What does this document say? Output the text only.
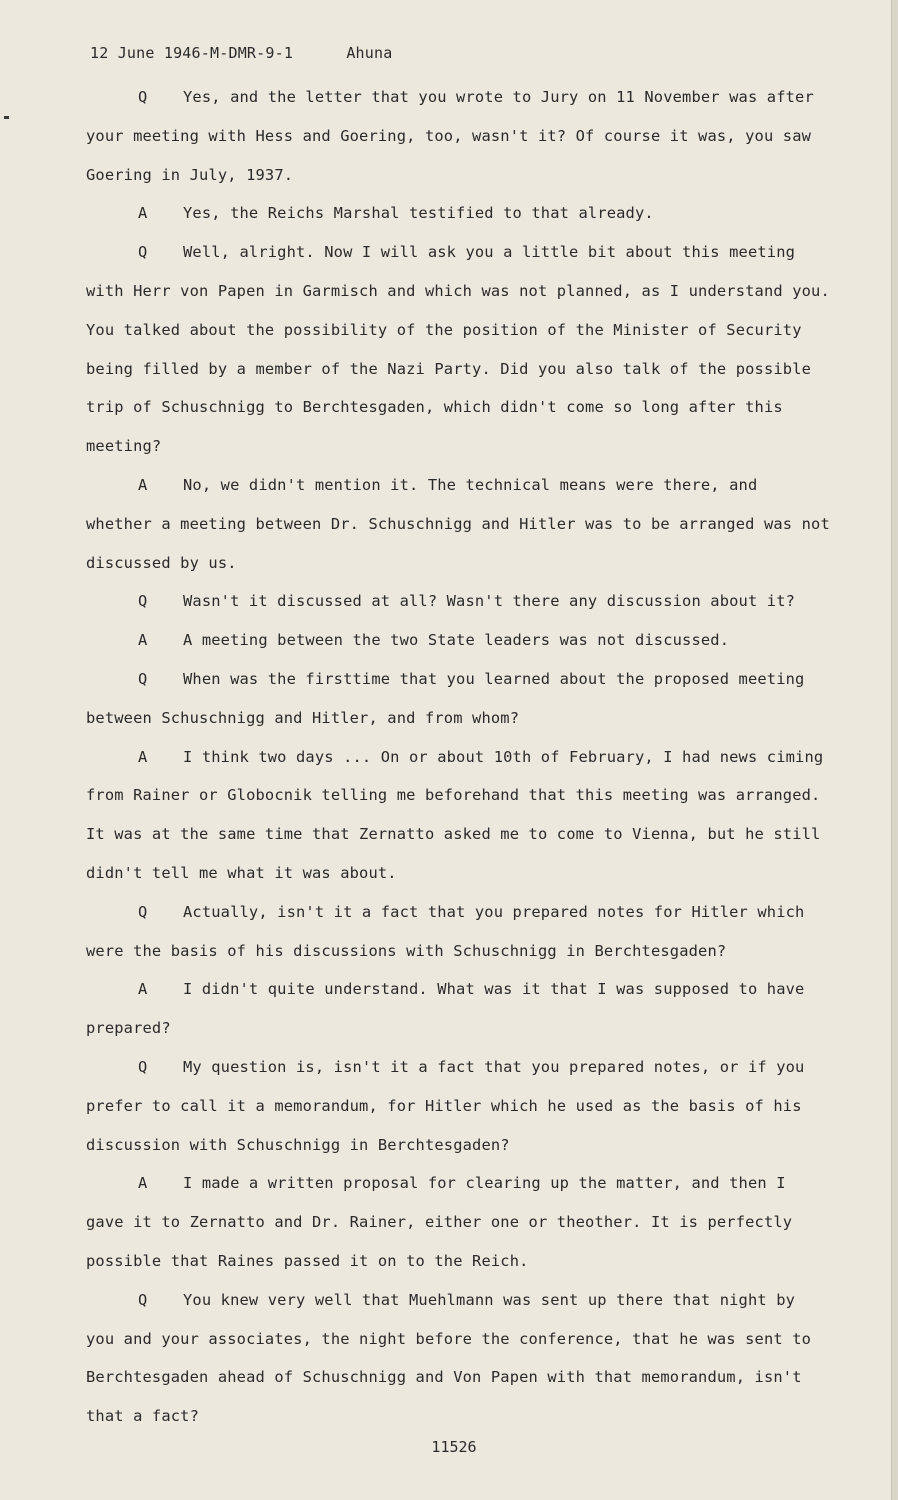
12 June 1946-M-DMR-9-1	Ahuna

Q Yes, and the letter that you wrote to Jury on 11 November was after your meeting with Hess and Goering, too, wasn't it? Of course it was, you saw Goering in July, 1937.

A Yes, the Reichs Marshal testified to that already.

Q Well, alright. Now I will ask you a little bit about this meeting with Herr von Papen in Garmisch and which was not planned, as I understand you. You talked about the possibility of the position of the Minister of Security being filled by a member of the Nazi Party. Did you also talk of the possible trip of Schuschnigg to Berchtesgaden, which didn't come so long after this meeting?

A No, we didn't mention it. The technical means were there, and whether a meeting between Dr. Schuschnigg and Hitler was to be arranged was not discussed by us.

Q Wasn't it discussed at all? Wasn't there any discussion about it?

A A meeting between the two State leaders was not discussed.

Q When was the firsttime that you learned about the proposed meeting between Schuschnigg and Hitler, and from whom?

A I think two days ... On or about 10th of February, I had news ciming from Rainer or Globocnik telling me beforehand that this meeting was arranged. It was at the same time that Zernatto asked me to come to Vienna, but he still didn't tell me what it was about.

Q Actually, isn't it a fact that you prepared notes for Hitler which were the basis of his discussions with Schuschnigg in Berchtesgaden?

A I didn't quite understand. What was it that I was supposed to have prepared?

Q My question is, isn't it a fact that you prepared notes, or if you prefer to call it a memorandum, for Hitler which he used as the basis of his discussion with Schuschnigg in Berchtesgaden?

A I made a written proposal for clearing up the matter, and then I gave it to Zernatto and Dr. Rainer, either one or theother. It is perfectly possible that Raines passed it on to the Reich.

Q You knew very well that Muehlmann was sent up there that night by you and your associates, the night before the conference, that he was sent to Berchtesgaden ahead of Schuschnigg and Von Papen with that memorandum, isn't that a fact?

11526
